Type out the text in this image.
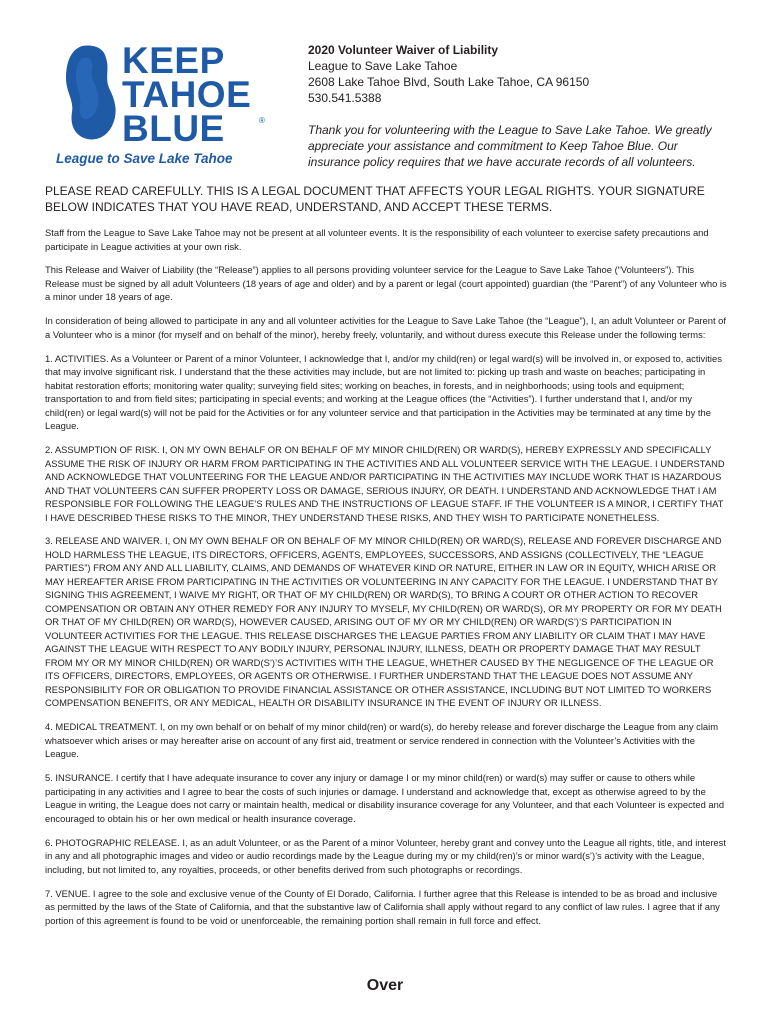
KEEP
TAHOE
BLUE	®
League to Save Lake Tahoe
2020 Volunteer Waiver of Liability
League to Save Lake Tahoe
2608 Lake Tahoe Blvd, South Lake Tahoe, CA 96150
530.541.5388
Thank you for volunteering with the League to Save Lake Tahoe. We greatly appreciate your assistance and commitment to Keep Tahoe Blue. Our insurance policy requires that we have accurate records of all volunteers.
PLEASE READ CAREFULLY. THIS IS A LEGAL DOCUMENT THAT AFFECTS YOUR LEGAL RIGHTS. YOUR SIGNATURE BELOW INDICATES THAT YOU HAVE READ, UNDERSTAND, AND ACCEPT THESE TERMS.

Staff from the League to Save Lake Tahoe may not be present at all volunteer events. It is the responsibility of each volunteer to exercise safety precautions and participate in League activities at your own risk.

This Release and Waiver of Liability (the “Release”) applies to all persons providing volunteer service for the League to Save Lake Tahoe (“Volunteers”). This Release must be signed by all adult Volunteers (18 years of age and older) and by a parent or legal (court appointed) guardian (the “Parent”) of any Volunteer who is a minor under 18 years of age.

In consideration of being allowed to participate in any and all volunteer activities for the League to Save Lake Tahoe (the “League”), I, an adult Volunteer or Parent of a Volunteer who is a minor (for myself and on behalf of the minor), hereby freely, voluntarily, and without duress execute this Release under the following terms:

1. ACTIVITIES. As a Volunteer or Parent of a minor Volunteer, I acknowledge that I, and/or my child(ren) or legal ward(s) will be involved in, or exposed to, activities that may involve significant risk. I understand that the these activities may include, but are not limited to: picking up trash and waste on beaches; participating in habitat restoration efforts; monitoring water quality; surveying field sites; working on beaches, in forests, and in neighborhoods; using tools and equipment; transportation to and from field sites; participating in special events; and working at the League offices (the “Activities”). I further understand that I, and/or my child(ren) or legal ward(s) will not be paid for the Activities or for any volunteer service and that participation in the Activities may be terminated at any time by the League.

2. ASSUMPTION OF RISK. I, ON MY OWN BEHALF OR ON BEHALF OF MY MINOR CHILD(REN) OR WARD(S), HEREBY EXPRESSLY AND SPECIFICALLY ASSUME THE RISK OF INJURY OR HARM FROM PARTICIPATING IN THE ACTIVITIES AND ALL VOLUNTEER SERVICE WITH THE LEAGUE. I UNDERSTAND AND ACKNOWLEDGE THAT VOLUNTEERING FOR THE LEAGUE AND/OR PARTICIPATING IN THE ACTIVITIES MAY INCLUDE WORK THAT IS HAZARDOUS AND THAT VOLUNTEERS CAN SUFFER PROPERTY LOSS OR DAMAGE, SERIOUS INJURY, OR DEATH. I UNDERSTAND AND ACKNOWLEDGE THAT I AM RESPONSIBLE FOR FOLLOWING THE LEAGUE’S RULES AND THE INSTRUCTIONS OF LEAGUE STAFF. IF THE VOLUNTEER IS A MINOR, I CERTIFY THAT I HAVE DESCRIBED THESE RISKS TO THE MINOR, THEY UNDERSTAND THESE RISKS, AND THEY WISH TO PARTICIPATE NONETHELESS.

3. RELEASE AND WAIVER. I, ON MY OWN BEHALF OR ON BEHALF OF MY MINOR CHILD(REN) OR WARD(S), RELEASE AND FOREVER DISCHARGE AND HOLD HARMLESS THE LEAGUE, ITS DIRECTORS, OFFICERS, AGENTS, EMPLOYEES, SUCCESSORS, AND ASSIGNS (COLLECTIVELY, THE “LEAGUE PARTIES”) FROM ANY AND ALL LIABILITY, CLAIMS, AND DEMANDS OF WHATEVER KIND OR NATURE, EITHER IN LAW OR IN EQUITY, WHICH ARISE OR MAY HEREAFTER ARISE FROM PARTICIPATING IN THE ACTIVITIES OR VOLUNTEERING IN ANY CAPACITY FOR THE LEAGUE. I UNDERSTAND THAT BY SIGNING THIS AGREEMENT, I WAIVE MY RIGHT, OR THAT OF MY CHILD(REN) OR WARD(S), TO BRING A COURT OR OTHER ACTION TO RECOVER COMPENSATION OR OBTAIN ANY OTHER REMEDY FOR ANY INJURY TO MYSELF, MY CHILD(REN) OR WARD(S), OR MY PROPERTY OR FOR MY DEATH OR THAT OF MY CHILD(REN) OR WARD(S), HOWEVER CAUSED, ARISING OUT OF MY OR MY CHILD(REN) OR WARD(S’)’S PARTICIPATION IN VOLUNTEER ACTIVITIES FOR THE LEAGUE. THIS RELEASE DISCHARGES THE LEAGUE PARTIES FROM ANY LIABILITY OR CLAIM THAT I MAY HAVE AGAINST THE LEAGUE WITH RESPECT TO ANY BODILY INJURY, PERSONAL INJURY, ILLNESS, DEATH OR PROPERTY DAMAGE THAT MAY RESULT FROM MY OR MY MINOR CHILD(REN) OR WARD(S’)’S ACTIVITIES WITH THE LEAGUE, WHETHER CAUSED BY THE NEGLIGENCE OF THE LEAGUE OR ITS OFFICERS, DIRECTORS, EMPLOYEES, OR AGENTS OR OTHERWISE. I FURTHER UNDERSTAND THAT THE LEAGUE DOES NOT ASSUME ANY RESPONSIBILITY FOR OR OBLIGATION TO PROVIDE FINANCIAL ASSISTANCE OR OTHER ASSISTANCE, INCLUDING BUT NOT LIMITED TO WORKERS COMPENSATION BENEFITS, OR ANY MEDICAL, HEALTH OR DISABILITY INSURANCE IN THE EVENT OF INJURY OR ILLNESS.

4. MEDICAL TREATMENT. I, on my own behalf or on behalf of my minor child(ren) or ward(s), do hereby release and forever discharge the League from any claim whatsoever which arises or may hereafter arise on account of any first aid, treatment or service rendered in connection with the Volunteer’s Activities with the League.

5. INSURANCE. I certify that I have adequate insurance to cover any injury or damage I or my minor child(ren) or ward(s) may suffer or cause to others while participating in any activities and I agree to bear the costs of such injuries or damage. I understand and acknowledge that, except as otherwise agreed to by the League in writing, the League does not carry or maintain health, medical or disability insurance coverage for any Volunteer, and that each Volunteer is expected and encouraged to obtain his or her own medical or health insurance coverage.

6. PHOTOGRAPHIC RELEASE. I, as an adult Volunteer, or as the Parent of a minor Volunteer, hereby grant and convey unto the League all rights, title, and interest in any and all photographic images and video or audio recordings made by the League during my or my child(ren)’s or minor ward(s’)’s activity with the League, including, but not limited to, any royalties, proceeds, or other benefits derived from such photographs or recordings.

7. VENUE. I agree to the sole and exclusive venue of the County of El Dorado, California. I further agree that this Release is intended to be as broad and inclusive as permitted by the laws of the State of California, and that the substantive law of California shall apply without regard to any conflict of law rules. I agree that if any portion of this agreement is found to be void or unenforceable, the remaining portion shall remain in full force and effect.

Over
